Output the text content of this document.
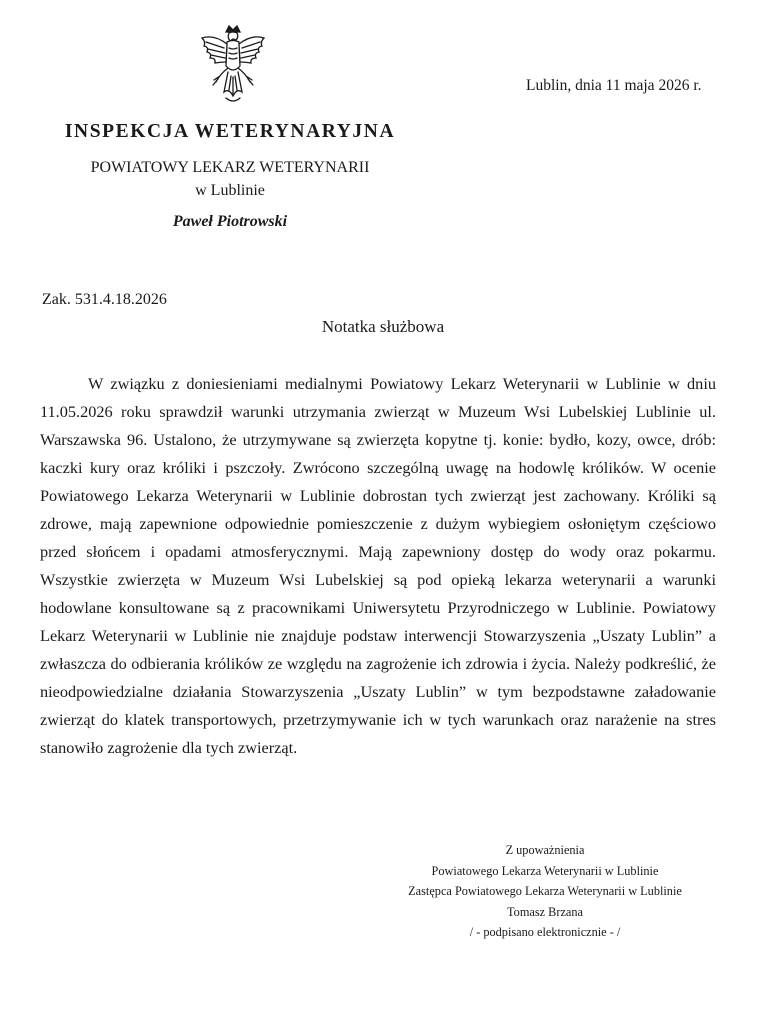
Lublin, dnia 11 maja 2026 r.
INSPEKCJA WETERYNARYJNA
POWIATOWY LEKARZ WETERYNARII
w Lublinie
Paweł Piotrowski
Zak. 531.4.18.2026
Notatka służbowa

W związku z doniesieniami medialnymi Powiatowy Lekarz Weterynarii w Lublinie w dniu 11.05.2026 roku sprawdził warunki utrzymania zwierząt w Muzeum Wsi Lubelskiej Lublinie ul. Warszawska 96. Ustalono, że utrzymywane są zwierzęta kopytne tj. konie: bydło, kozy, owce, drób: kaczki kury oraz króliki i pszczoły. Zwrócono szczególną uwagę na hodowlę królików. W ocenie Powiatowego Lekarza Weterynarii w Lublinie dobrostan tych zwierząt jest zachowany. Króliki są zdrowe, mają zapewnione odpowiednie pomieszczenie z dużym wybiegiem osłoniętym częściowo przed słońcem i opadami atmosferycznymi. Mają zapewniony dostęp do wody oraz pokarmu. Wszystkie zwierzęta w Muzeum Wsi Lubelskiej są pod opieką lekarza weterynarii a warunki hodowlane konsultowane są z pracownikami Uniwersytetu Przyrodniczego w Lublinie. Powiatowy Lekarz Weterynarii w Lublinie nie znajduje podstaw interwencji Stowarzyszenia „Uszaty Lublin” a zwłaszcza do odbierania królików ze względu na zagrożenie ich zdrowia i życia. Należy podkreślić, że nieodpowiedzialne działania Stowarzyszenia „Uszaty Lublin” w tym bezpodstawne załadowanie zwierząt do klatek transportowych, przetrzymywanie ich w tych warunkach oraz narażenie na stres stanowiło zagrożenie dla tych zwierząt.

Z upoważnienia
Powiatowego Lekarza Weterynarii w Lublinie
Zastępca Powiatowego Lekarza Weterynarii w Lublinie
Tomasz Brzana
/ - podpisano elektronicznie - /
